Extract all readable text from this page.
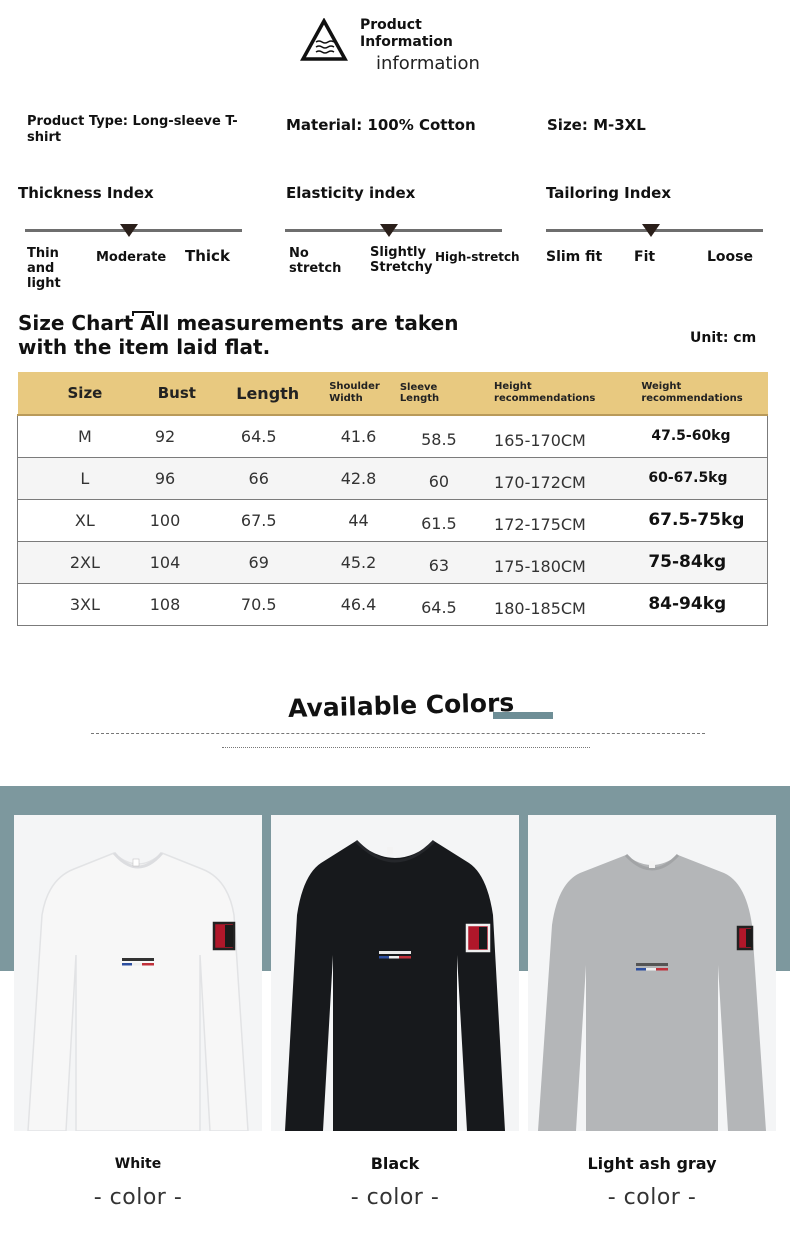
Product
Information
information
Product Type: Long-sleeve T-shirt
Material: 100% Cotton	Size: M-3XL
Thickness Index
Thin and light
Moderate Thick
Elasticity index
No stretch
Slightly Stretchy
High-stretch
Tailoring Index
Slim fit Fit	Loose
Size Chart All measurements are taken with the item laid flat.	Unit: cm
Size	Bust	Length	Shoulder Width	Sleeve Length	Height recommendations	Weight recommendations
M	92	64.5	41.6	58.5	165-170CM	47.5-60kg
L	96	66	42.8	60	170-172CM	60-67.5kg
XL	100	67.5	44	61.5	172-175CM	67.5-75kg
2XL	104	69	45.2	63	175-180CM	75-84kg
3XL	108	70.5	46.4	64.5	180-185CM	84-94kg
Available Colors
White
- color -
Black
- color -
Light ash gray
- color -
